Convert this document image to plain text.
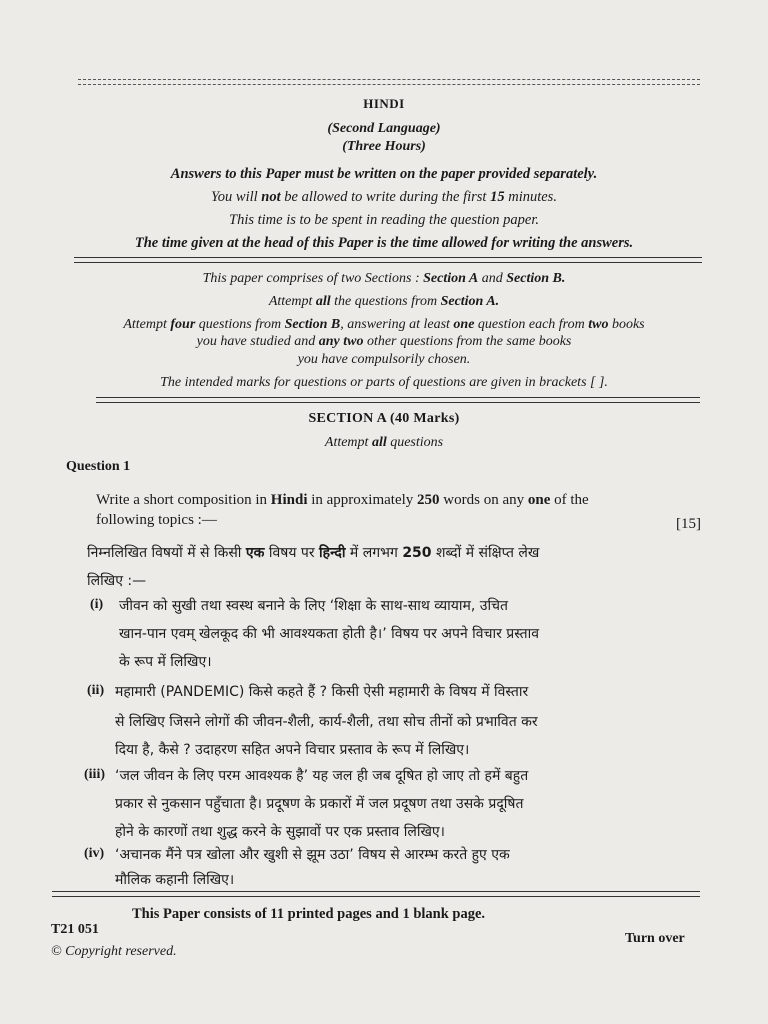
HINDI
(Second Language)
(Three Hours)
Answers to this Paper must be written on the paper provided separately.
You will not be allowed to write during the first 15 minutes.
This time is to be spent in reading the question paper.
The time given at the head of this Paper is the time allowed for writing the answers.
This paper comprises of two Sections : Section A and Section B.
Attempt all the questions from Section A.
Attempt four questions from Section B, answering at least one question each from two books
you have studied and any two other questions from the same books
you have compulsorily chosen.
The intended marks for questions or parts of questions are given in brackets [ ].
SECTION A (40 Marks)
Attempt all questions
Question 1
Write a short composition in Hindi in approximately 250 words on any one of the
following topics :—	[15]
निम्नलिखित विषयों में से किसी एक विषय पर हिन्दी में लगभग 250 शब्दों में संक्षिप्त लेख
लिखिए :—
(i) जीवन को सुखी तथा स्वस्थ बनाने के लिए ‘शिक्षा के साथ-साथ व्यायाम, उचित
खान-पान एवम् खेलकूद की भी आवश्यकता होती है।’ विषय पर अपने विचार प्रस्ताव
के रूप में लिखिए।
(ii) महामारी (PANDEMIC) किसे कहते हैं ? किसी ऐसी महामारी के विषय में विस्तार
से लिखिए जिसने लोगों की जीवन-शैली, कार्य-शैली, तथा सोच तीनों को प्रभावित कर
दिया है, कैसे ? उदाहरण सहित अपने विचार प्रस्ताव के रूप में लिखिए।
(iii) ‘जल जीवन के लिए परम आवश्यक है’ यह जल ही जब दूषित हो जाए तो हमें बहुत
प्रकार से नुकसान पहुँचाता है। प्रदूषण के प्रकारों में जल प्रदूषण तथा उसके प्रदूषित
होने के कारणों तथा शुद्ध करने के सुझावों पर एक प्रस्ताव लिखिए।
(iv) ‘अचानक मैंने पत्र खोला और खुशी से झूम उठा’ विषय से आरम्भ करते हुए एक
मौलिक कहानी लिखिए।
This Paper consists of 11 printed pages and 1 blank page.
T21 051
© Copyright reserved.
Turn over
